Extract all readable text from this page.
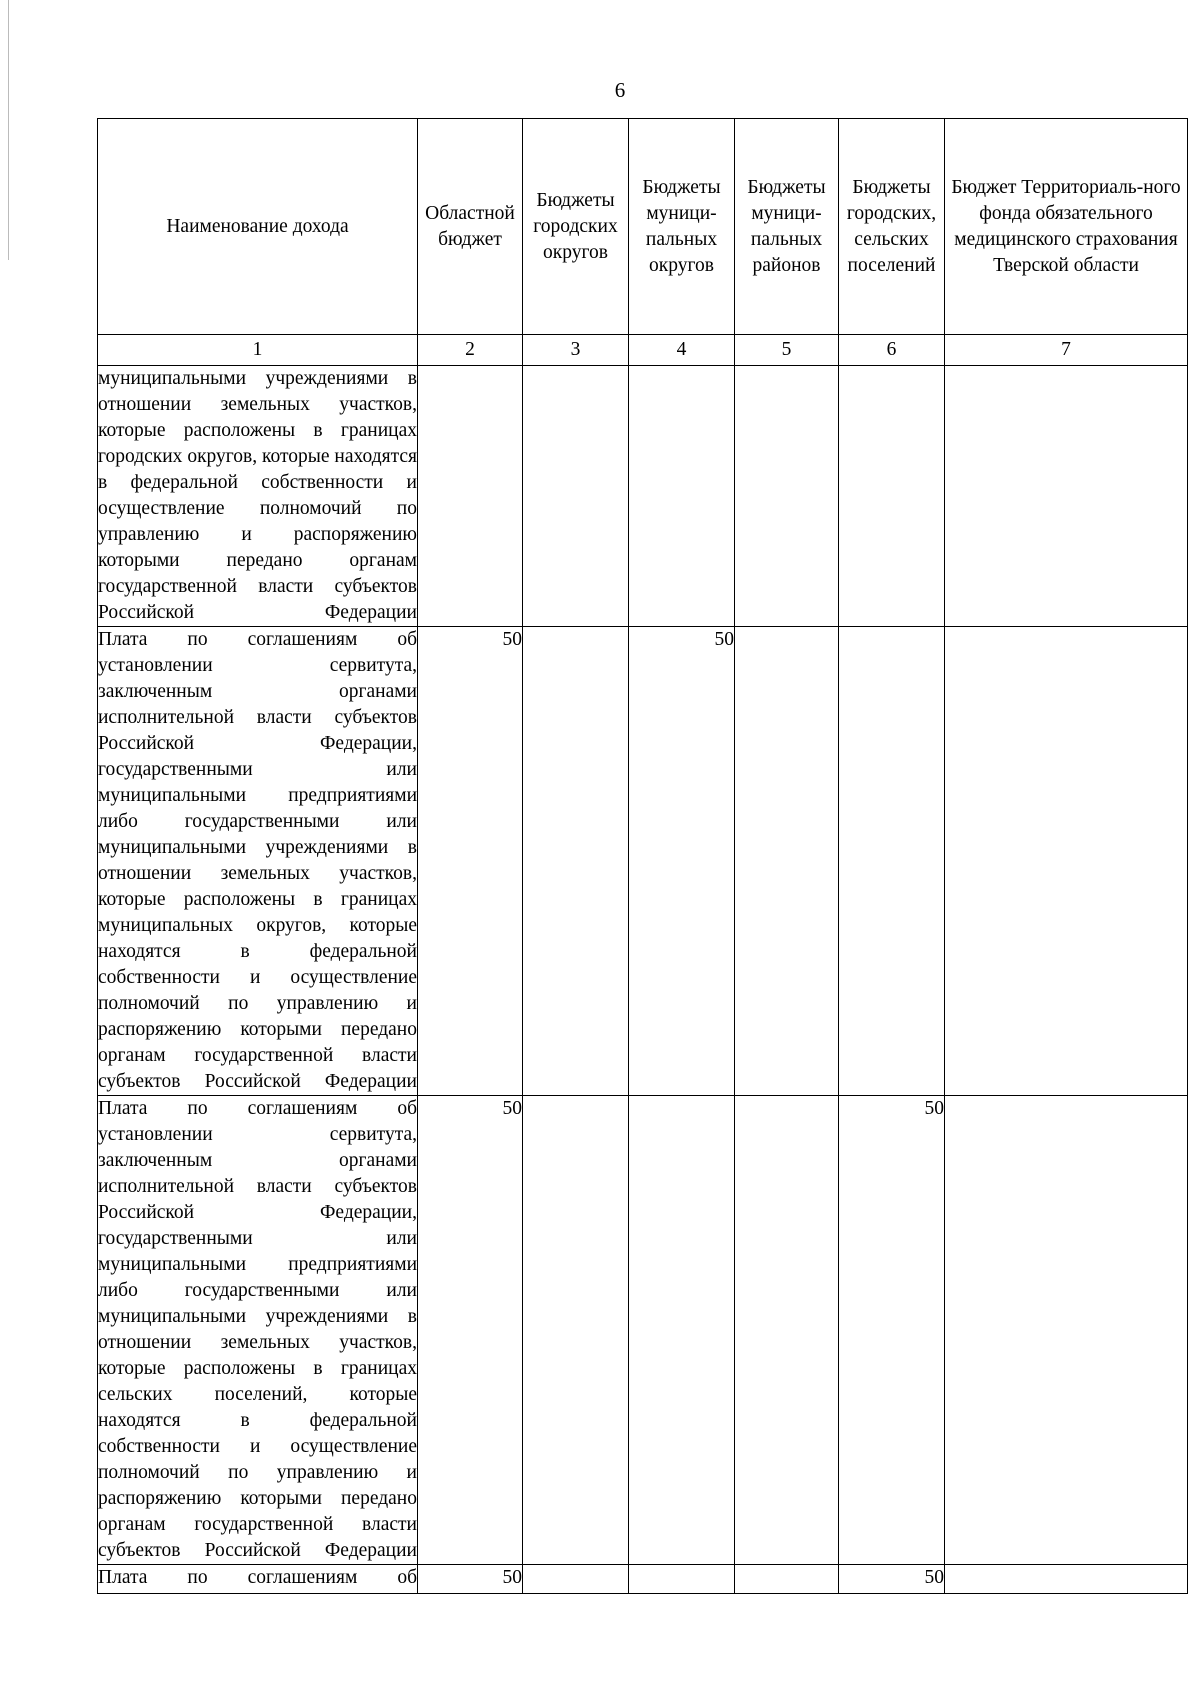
6
Наименование дохода	Областной бюджет	Бюджеты городских округов	Бюджеты муници-пальных округов	Бюджеты муници-пальных районов	Бюджеты городских, сельских поселений	Бюджет Территориаль-ного фонда обязательного медицинского страхования Тверской области
1	2	3	4	5	6	7
муниципальными учреждениями в отношении земельных участков, которые расположены в границах городских округов, которые находятся в федеральной собственности и осуществление полномочий по управлению и распоряжению которыми передано органам государственной власти субъектов Российской Федерации						
Плата по соглашениям об установлении сервитута, заключенным органами исполнительной власти субъектов Российской Федерации, государственными или муниципальными предприятиями либо государственными или муниципальными учреждениями в отношении земельных участков, которые расположены в границах муниципальных округов, которые находятся в федеральной собственности и осуществление полномочий по управлению и распоряжению которыми передано органам государственной власти субъектов Российской Федерации	50		50			
Плата по соглашениям об установлении сервитута, заключенным органами исполнительной власти субъектов Российской Федерации, государственными или муниципальными предприятиями либо государственными или муниципальными учреждениями в отношении земельных участков, которые расположены в границах сельских поселений, которые находятся в федеральной собственности и осуществление полномочий по управлению и распоряжению которыми передано органам государственной власти субъектов Российской Федерации	50				50	
Плата по соглашениям об	50				50	
